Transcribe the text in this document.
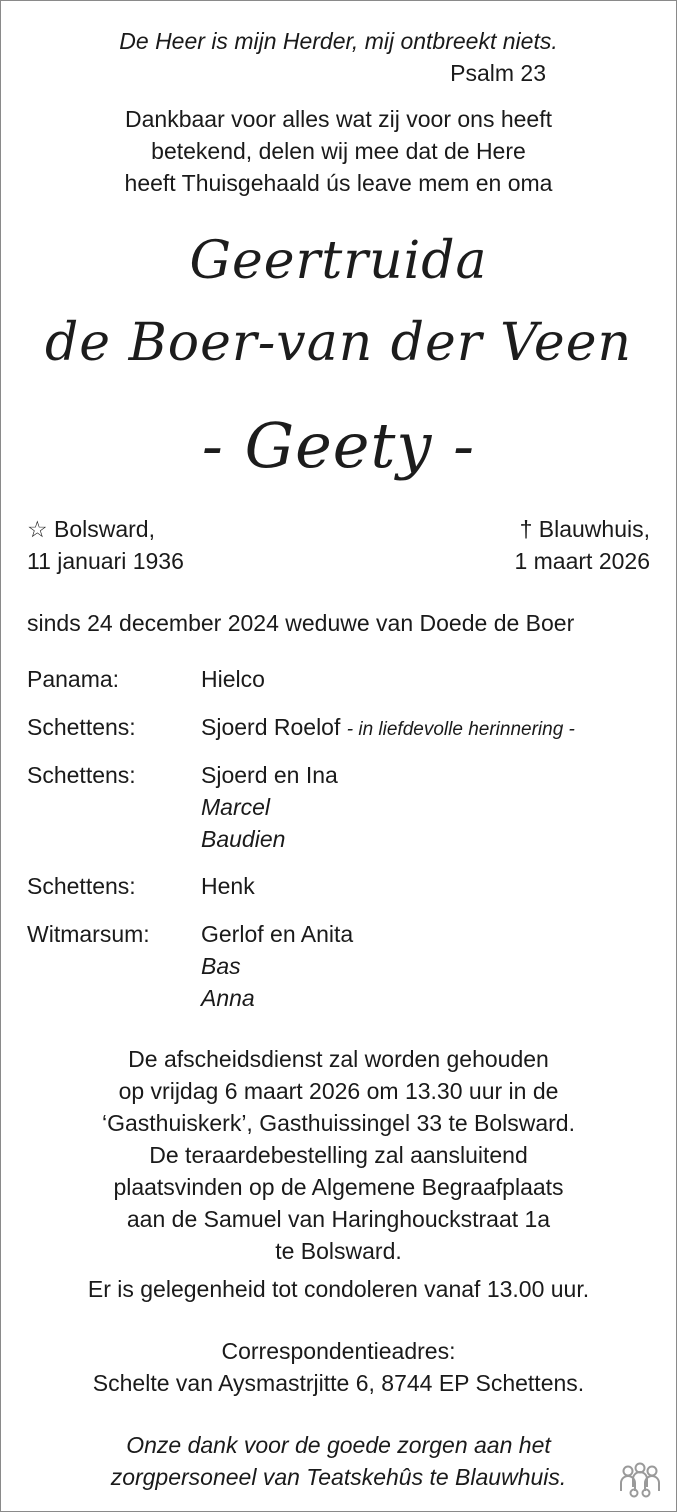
De Heer is mijn Herder, mij ontbreekt niets.
Psalm 23
Dankbaar voor alles wat zij voor ons heeft
betekend, delen wij mee dat de Here
heeft Thuisgehaald ús leave mem en oma
Geertruida
de Boer-van der Veen
- Geety -
☆ Bolsward,
11 januari 1936
† Blauwhuis,
1 maart 2026
sinds 24 december 2024 weduwe van Doede de Boer
Panama:	Hielco
Schettens:	Sjoerd Roelof - in liefdevolle herinnering -
Schettens:	Sjoerd en Ina
Marcel
Baudien
Schettens:	Henk
Witmarsum: Gerlof en Anita
Bas
Anna
De afscheidsdienst zal worden gehouden
op vrijdag 6 maart 2026 om 13.30 uur in de
‘Gasthuiskerk’, Gasthuissingel 33 te Bolsward.
De teraardebestelling zal aansluitend
plaatsvinden op de Algemene Begraafplaats
aan de Samuel van Haringhouckstraat 1a
te Bolsward.
Er is gelegenheid tot condoleren vanaf 13.00 uur.
Correspondentieadres:
Schelte van Aysmastrjitte 6, 8744 EP Schettens.
Onze dank voor de goede zorgen aan het
zorgpersoneel van Teatskehûs te Blauwhuis.
